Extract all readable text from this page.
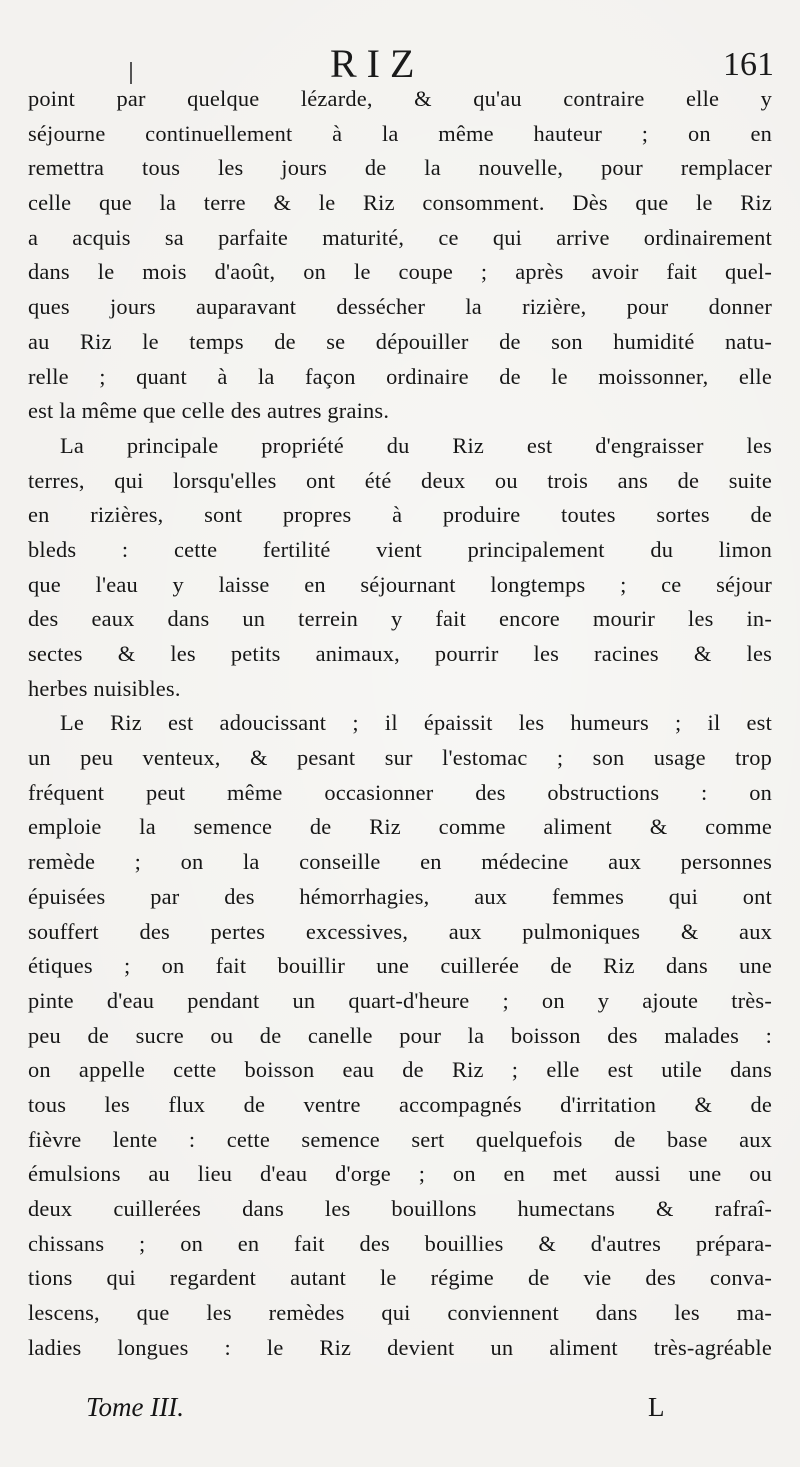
RIZ	161
point par quelque lézarde, & qu'au contraire elle y
séjourne continuellement à la même hauteur ; on en
remettra tous les jours de la nouvelle, pour remplacer
celle que la terre & le Riz consomment. Dès que le Riz
a acquis sa parfaite maturité, ce qui arrive ordinairement
dans le mois d'août, on le coupe ; après avoir fait quel-
ques jours auparavant dessécher la rizière, pour donner
au Riz le temps de se dépouiller de son humidité natu-
relle ; quant à la façon ordinaire de le moissonner, elle
est la même que celle des autres grains.
La principale propriété du Riz est d'engraisser les
terres, qui lorsqu'elles ont été deux ou trois ans de suite
en rizières, sont propres à produire toutes sortes de
bleds : cette fertilité vient principalement du limon
que l'eau y laisse en séjournant longtemps ; ce séjour
des eaux dans un terrein y fait encore mourir les in-
sectes & les petits animaux, pourrir les racines & les
herbes nuisibles.
Le Riz est adoucissant ; il épaissit les humeurs ; il est
un peu venteux, & pesant sur l'estomac ; son usage trop
fréquent peut même occasionner des obstructions : on
emploie la semence de Riz comme aliment & comme
remède ; on la conseille en médecine aux personnes
épuisées par des hémorrhagies, aux femmes qui ont
souffert des pertes excessives, aux pulmoniques & aux
étiques ; on fait bouillir une cuillerée de Riz dans une
pinte d'eau pendant un quart-d'heure ; on y ajoute très-
peu de sucre ou de canelle pour la boisson des malades :
on appelle cette boisson eau de Riz ; elle est utile dans
tous les flux de ventre accompagnés d'irritation & de
fièvre lente : cette semence sert quelquefois de base aux
émulsions au lieu d'eau d'orge ; on en met aussi une ou
deux cuillerées dans les bouillons humectans & rafraî-
chissans ; on en fait des bouillies & d'autres prépara-
tions qui regardent autant le régime de vie des conva-
lescens, que les remèdes qui conviennent dans les ma-
ladies longues : le Riz devient un aliment très-agréable
Tome III.	L
